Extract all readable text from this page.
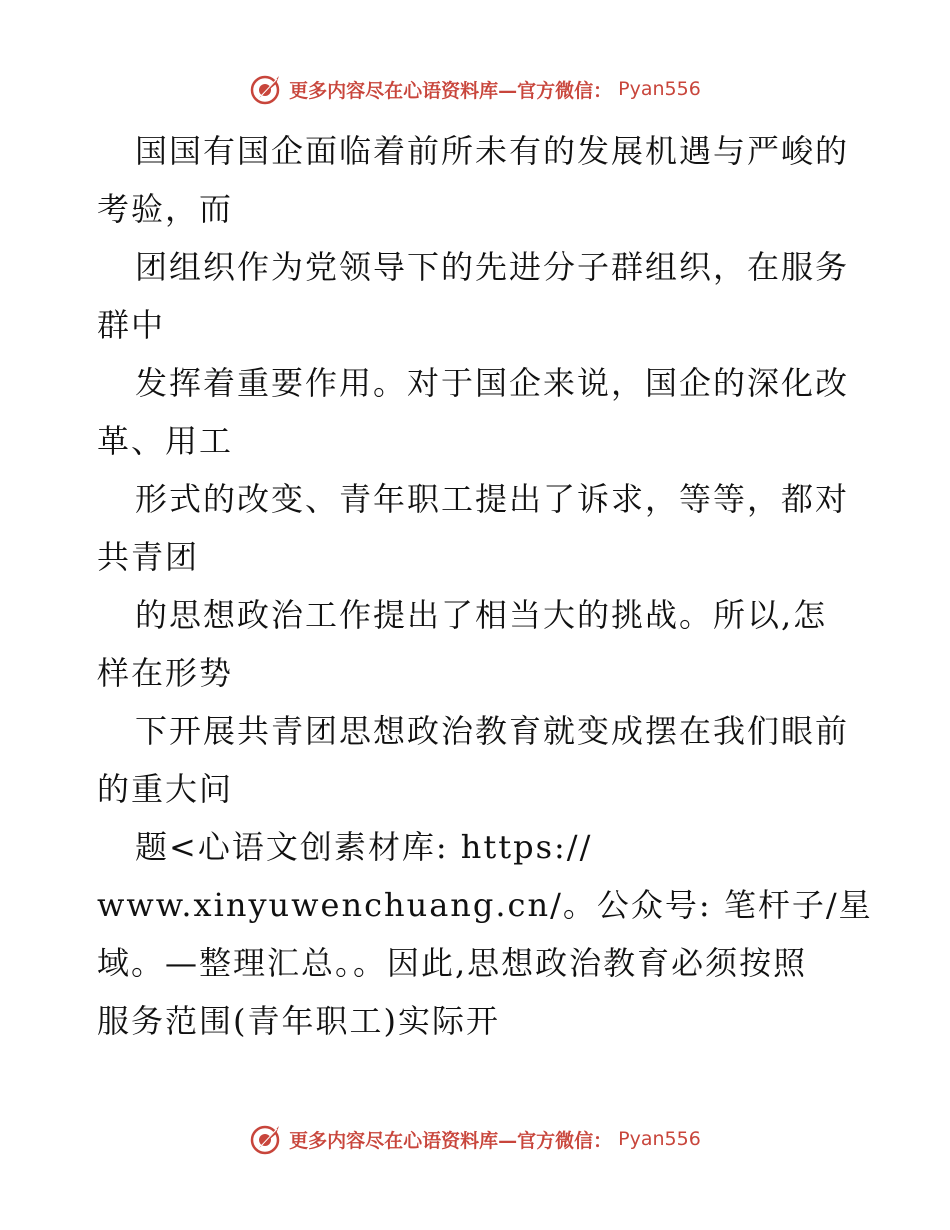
更多内容尽在心语资料库—官方微信： Pyan556
国国有国企面临着前所未有的发展机遇与严峻的
考验，而
团组织作为党领导下的先进分子群组织，在服务
群中
发挥着重要作用。对于国企来说，国企的深化改
革、用工
形式的改变、青年职工提出了诉求，等等，都对
共青团
的思想政治工作提出了相当大的挑战。所以,怎
样在形势
下开展共青团思想政治教育就变成摆在我们眼前
的重大问
题<心语文创素材库: https://
www.xinyuwenchuang.cn/。公众号: 笔杆子/星
域。—整理汇总。。因此,思想政治教育必须按照
服务范围(青年职工)实际开
更多内容尽在心语资料库—官方微信： Pyan556
